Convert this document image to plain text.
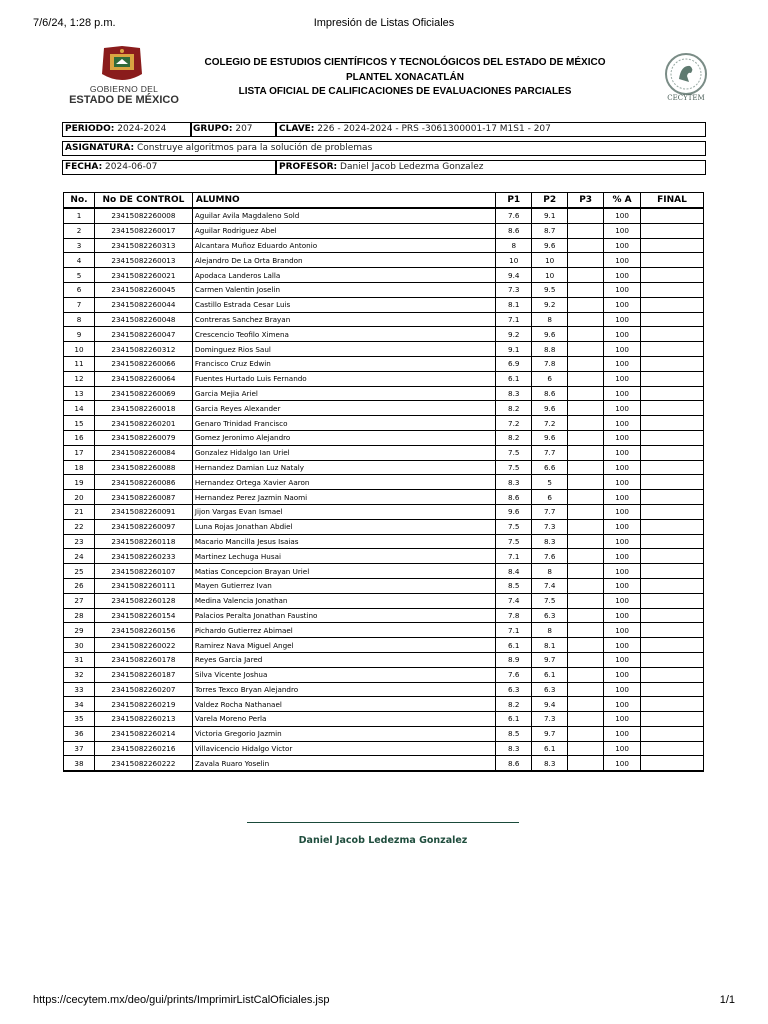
7/6/24, 1:28 p.m.	Impresión de Listas Oficiales
GOBIERNO DEL
ESTADO DE MÉXICO	CECYTEM
COLEGIO DE ESTUDIOS CIENTÍFICOS Y TECNOLÓGICOS DEL ESTADO DE MÉXICO
PLANTEL XONACATLÁN
LISTA OFICIAL DE CALIFICACIONES DE EVALUACIONES PARCIALES
PERIODO: 2024-2024	GRUPO: 207	CLAVE: 226 - 2024-2024 - PRS -3061300001-17 M1S1 - 207
ASIGNATURA: Construye algoritmos para la solución de problemas
FECHA: 2024-06-07	PROFESOR: Daniel Jacob Ledezma Gonzalez
No.	No DE CONTROL	ALUMNO	P1	P2	P3	% A	FINAL
1	23415082260008	Aguilar Avila Magdaleno Sold	7.6	9.1		100	
2	23415082260017	Aguilar Rodriguez Abel	8.6	8.7		100	
3	23415082260313	Alcantara Muñoz Eduardo Antonio	8	9.6		100	
4	23415082260013	Alejandro De La Orta Brandon	10	10		100	
5	23415082260021	Apodaca Landeros Lalla	9.4	10		100	
6	23415082260045	Carmen Valentin Joselin	7.3	9.5		100	
7	23415082260044	Castillo Estrada Cesar Luis	8.1	9.2		100	
8	23415082260048	Contreras Sanchez Brayan	7.1	8		100	
9	23415082260047	Crescencio Teofilo Ximena	9.2	9.6		100	
10	23415082260312	Dominguez Rios Saul	9.1	8.8		100	
11	23415082260066	Francisco Cruz Edwin	6.9	7.8		100	
12	23415082260064	Fuentes Hurtado Luis Fernando	6.1	6		100	
13	23415082260069	Garcia Mejia Ariel	8.3	8.6		100	
14	23415082260018	Garcia Reyes Alexander	8.2	9.6		100	
15	23415082260201	Genaro Trinidad Francisco	7.2	7.2		100	
16	23415082260079	Gomez Jeronimo Alejandro	8.2	9.6		100	
17	23415082260084	Gonzalez Hidalgo Ian Uriel	7.5	7.7		100	
18	23415082260088	Hernandez Damian Luz Nataly	7.5	6.6		100	
19	23415082260086	Hernandez Ortega Xavier Aaron	8.3	5		100	
20	23415082260087	Hernandez Perez Jazmin Naomi	8.6	6		100	
21	23415082260091	Jijon Vargas Evan Ismael	9.6	7.7		100	
22	23415082260097	Luna Rojas Jonathan Abdiel	7.5	7.3		100	
23	23415082260118	Macario Mancilla Jesus Isaias	7.5	8.3		100	
24	23415082260233	Martinez Lechuga Husai	7.1	7.6		100	
25	23415082260107	Matias Concepcion Brayan Uriel	8.4	8		100	
26	23415082260111	Mayen Gutierrez Ivan	8.5	7.4		100	
27	23415082260128	Medina Valencia Jonathan	7.4	7.5		100	
28	23415082260154	Palacios Peralta Jonathan Faustino	7.8	6.3		100	
29	23415082260156	Pichardo Gutierrez Abimael	7.1	8		100	
30	23415082260022	Ramirez Nava Miguel Angel	6.1	8.1		100	
31	23415082260178	Reyes Garcia Jared	8.9	9.7		100	
32	23415082260187	Silva Vicente Joshua	7.6	6.1		100	
33	23415082260207	Torres Texco Bryan Alejandro	6.3	6.3		100	
34	23415082260219	Valdez Rocha Nathanael	8.2	9.4		100	
35	23415082260213	Varela Moreno Perla	6.1	7.3		100	
36	23415082260214	Victoria Gregorio Jazmin	8.5	9.7		100	
37	23415082260216	Villavicencio Hidalgo Victor	8.3	6.1		100	
38	23415082260222	Zavala Ruaro Yoselin	8.6	8.3		100	
Daniel Jacob Ledezma Gonzalez
https://cecytem.mx/deo/gui/prints/ImprimirListCalOficiales.jsp	1/1
